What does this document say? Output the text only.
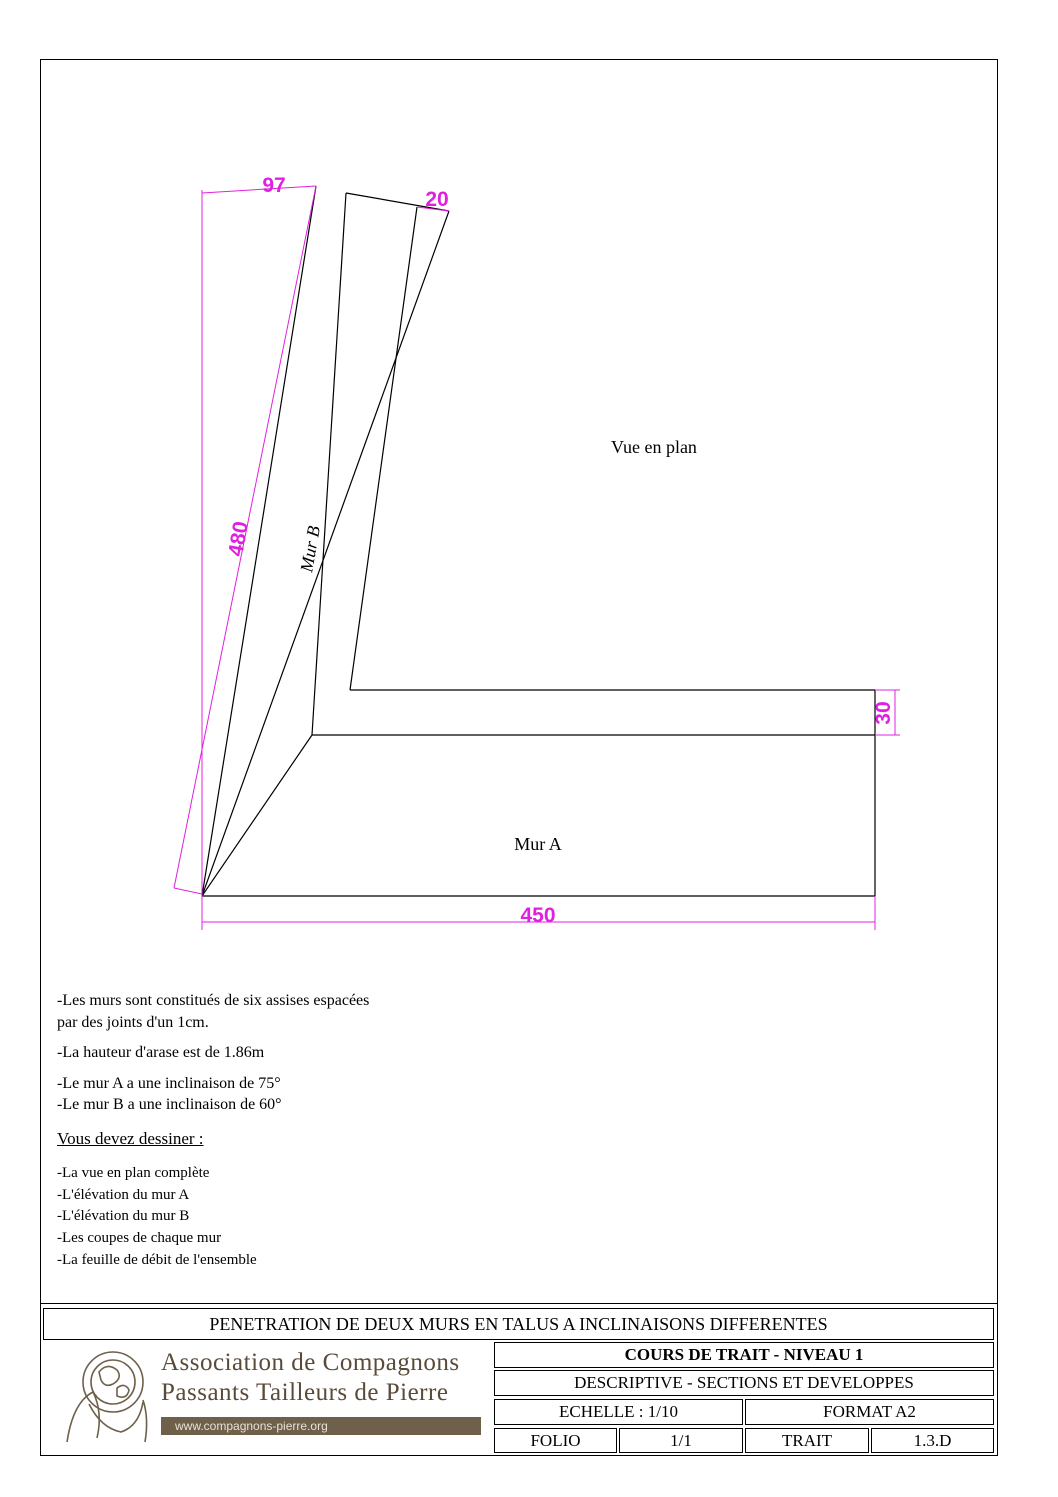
97
20
480
30
450
Vue en plan
Mur B
Mur A

-Les murs sont constitués de six assises espacées

par des joints d'un 1cm.

-La hauteur d'arase est de 1.86m

-Le mur A a une inclinaison de 75°

-Le mur B a une inclinaison de 60°

Vous devez dessiner :

-La vue en plan complète

-L'élévation du mur A

-L'élévation du mur B

-Les coupes de chaque mur

-La feuille de débit de l'ensemble

PENETRATION DE DEUX MURS EN TALUS A INCLINAISONS DIFFERENTES
Association de Compagnons
Passants Tailleurs de Pierre
www.compagnons-pierre.org
COURS DE TRAIT - NIVEAU 1
DESCRIPTIVE - SECTIONS ET DEVELOPPES
ECHELLE : 1/10	FORMAT A2
FOLIO	1/1	TRAIT	1.3.D
